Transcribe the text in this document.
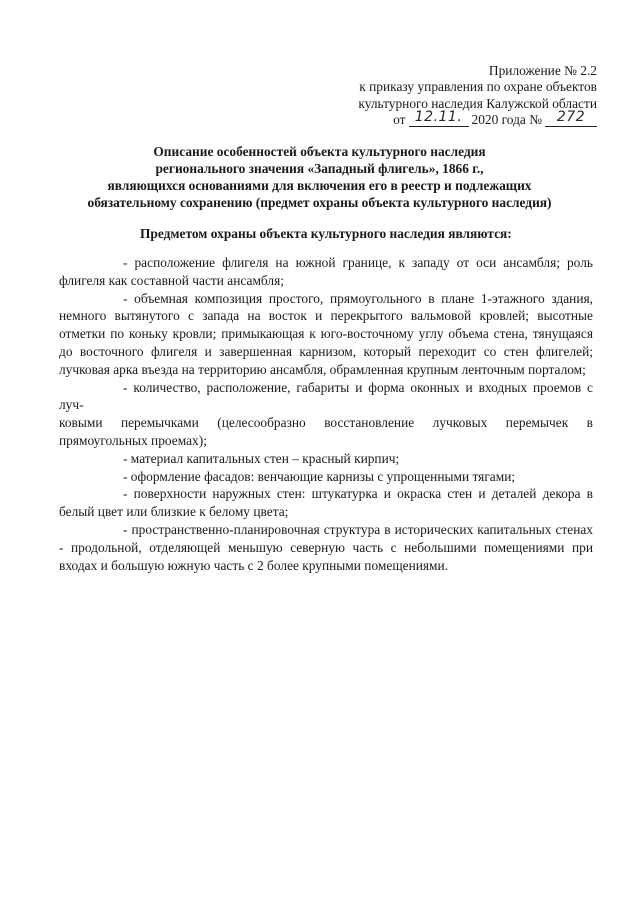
Приложение № 2.2
к приказу управления по охране объектов
культурного наследия Калужской области
от 12.11. 2020 года №	272
Описание особенностей объекта культурного наследия
регионального значения «Западный флигель», 1866 г.,
являющихся основаниями для включения его в реестр и подлежащих
обязательному сохранению (предмет охраны объекта культурного наследия)
Предметом охраны объекта культурного наследия являются:

- расположение флигеля на южной границе, к западу от оси ансамбля; роль флигеля как составной части ансамбля;

- объемная композиция простого, прямоугольного в плане 1-этажного здания, немного вытянутого с запада на восток и перекрытого вальмовой кровлей; высотные отметки по коньку кровли; примыкающая к юго-восточному углу объема стена, тянущаяся до восточного флигеля и завершенная карнизом, который переходит со стен флигелей; лучковая арка въезда на территорию ансамбля, обрамленная крупным ленточным порталом;

- количество, расположение, габариты и форма оконных и входных проемов с луч-

ковыми перемычками (целесообразно восстановление лучковых перемычек в прямоугольных проемах);

- материал капитальных стен – красный кирпич;

- оформление фасадов: венчающие карнизы с упрощенными тягами;

- поверхности наружных стен: штукатурка и окраска стен и деталей декора в белый цвет или близкие к белому цвета;

- пространственно-планировочная структура в исторических капитальных стенах - продольной, отделяющей меньшую северную часть с небольшими помещениями при входах и большую южную часть с 2 более крупными помещениями.
